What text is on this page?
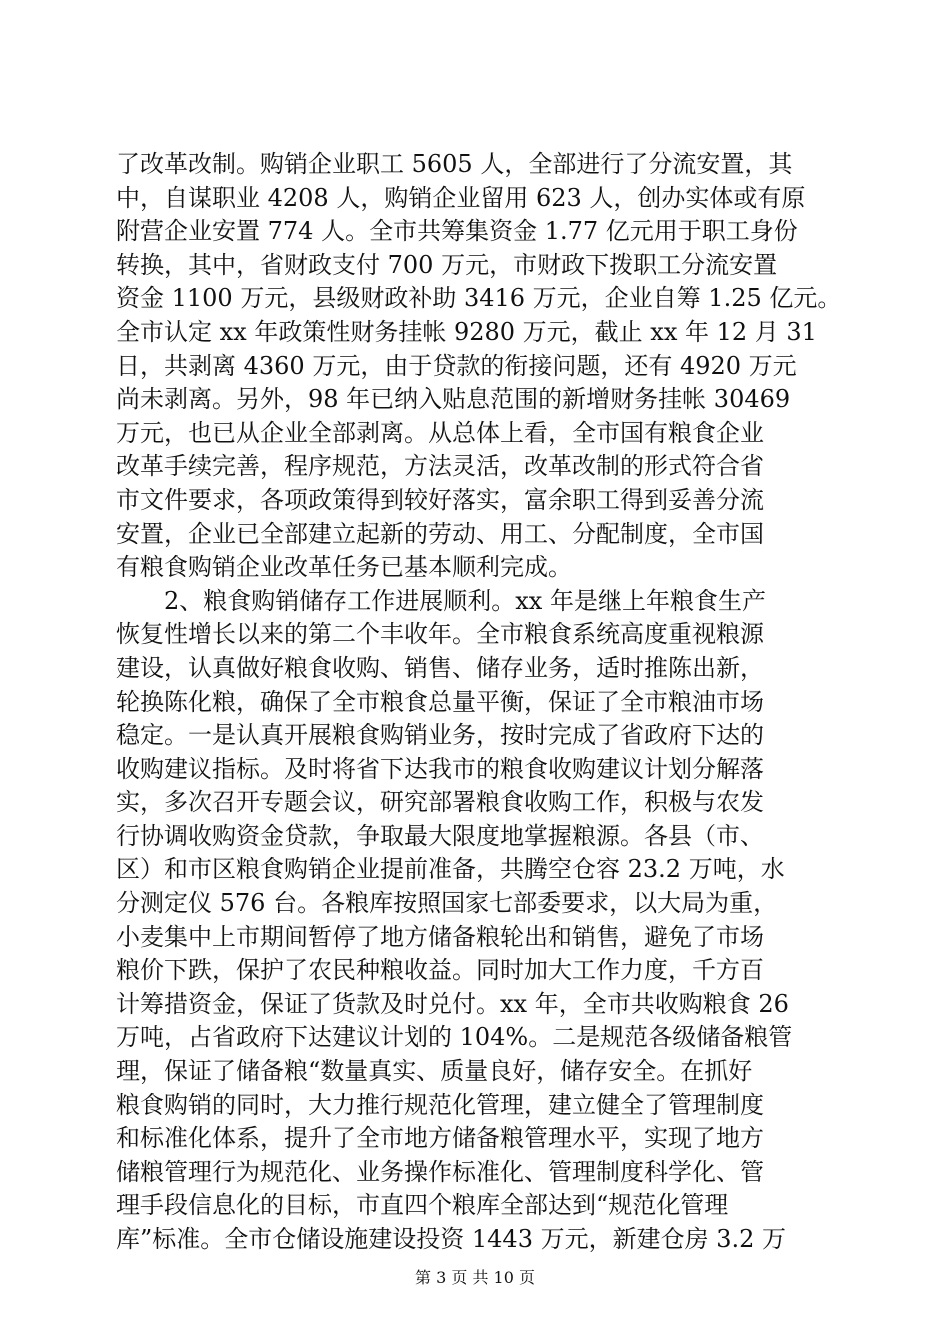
了改革改制。购销企业职工 5605 人，全部进行了分流安置，其
中，自谋职业 4208 人，购销企业留用 623 人，创办实体或有原
附营企业安置 774 人。全市共筹集资金 1.77 亿元用于职工身份
转换，其中，省财政支付 700 万元，市财政下拨职工分流安置
资金 1100 万元，县级财政补助 3416 万元，企业自筹 1.25 亿元。
全市认定 xx 年政策性财务挂帐 9280 万元，截止 xx 年 12 月 31
日，共剥离 4360 万元，由于贷款的衔接问题，还有 4920 万元
尚未剥离。另外，98 年已纳入贴息范围的新增财务挂帐 30469
万元，也已从企业全部剥离。从总体上看，全市国有粮食企业
改革手续完善，程序规范，方法灵活，改革改制的形式符合省
市文件要求，各项政策得到较好落实，富余职工得到妥善分流
安置，企业已全部建立起新的劳动、用工、分配制度，全市国
有粮食购销企业改革任务已基本顺利完成。
　　2、粮食购销储存工作进展顺利。xx 年是继上年粮食生产
恢复性增长以来的第二个丰收年。全市粮食系统高度重视粮源
建设，认真做好粮食收购、销售、储存业务，适时推陈出新，
轮换陈化粮，确保了全市粮食总量平衡，保证了全市粮油市场
稳定。一是认真开展粮食购销业务，按时完成了省政府下达的
收购建议指标。及时将省下达我市的粮食收购建议计划分解落
实，多次召开专题会议，研究部署粮食收购工作，积极与农发
行协调收购资金贷款，争取最大限度地掌握粮源。各县（市、
区）和市区粮食购销企业提前准备，共腾空仓容 23.2 万吨，水
分测定仪 576 台。各粮库按照国家七部委要求，以大局为重，
小麦集中上市期间暂停了地方储备粮轮出和销售，避免了市场
粮价下跌，保护了农民种粮收益。同时加大工作力度，千方百
计筹措资金，保证了货款及时兑付。xx 年，全市共收购粮食 26
万吨，占省政府下达建议计划的 104%。二是规范各级储备粮管
理，保证了储备粮“数量真实、质量良好，储存安全。在抓好
粮食购销的同时，大力推行规范化管理，建立健全了管理制度
和标准化体系，提升了全市地方储备粮管理水平，实现了地方
储粮管理行为规范化、业务操作标准化、管理制度科学化、管
理手段信息化的目标，市直四个粮库全部达到“规范化管理
库”标准。全市仓储设施建设投资 1443 万元，新建仓房 3.2 万
第 3 页 共 10 页
